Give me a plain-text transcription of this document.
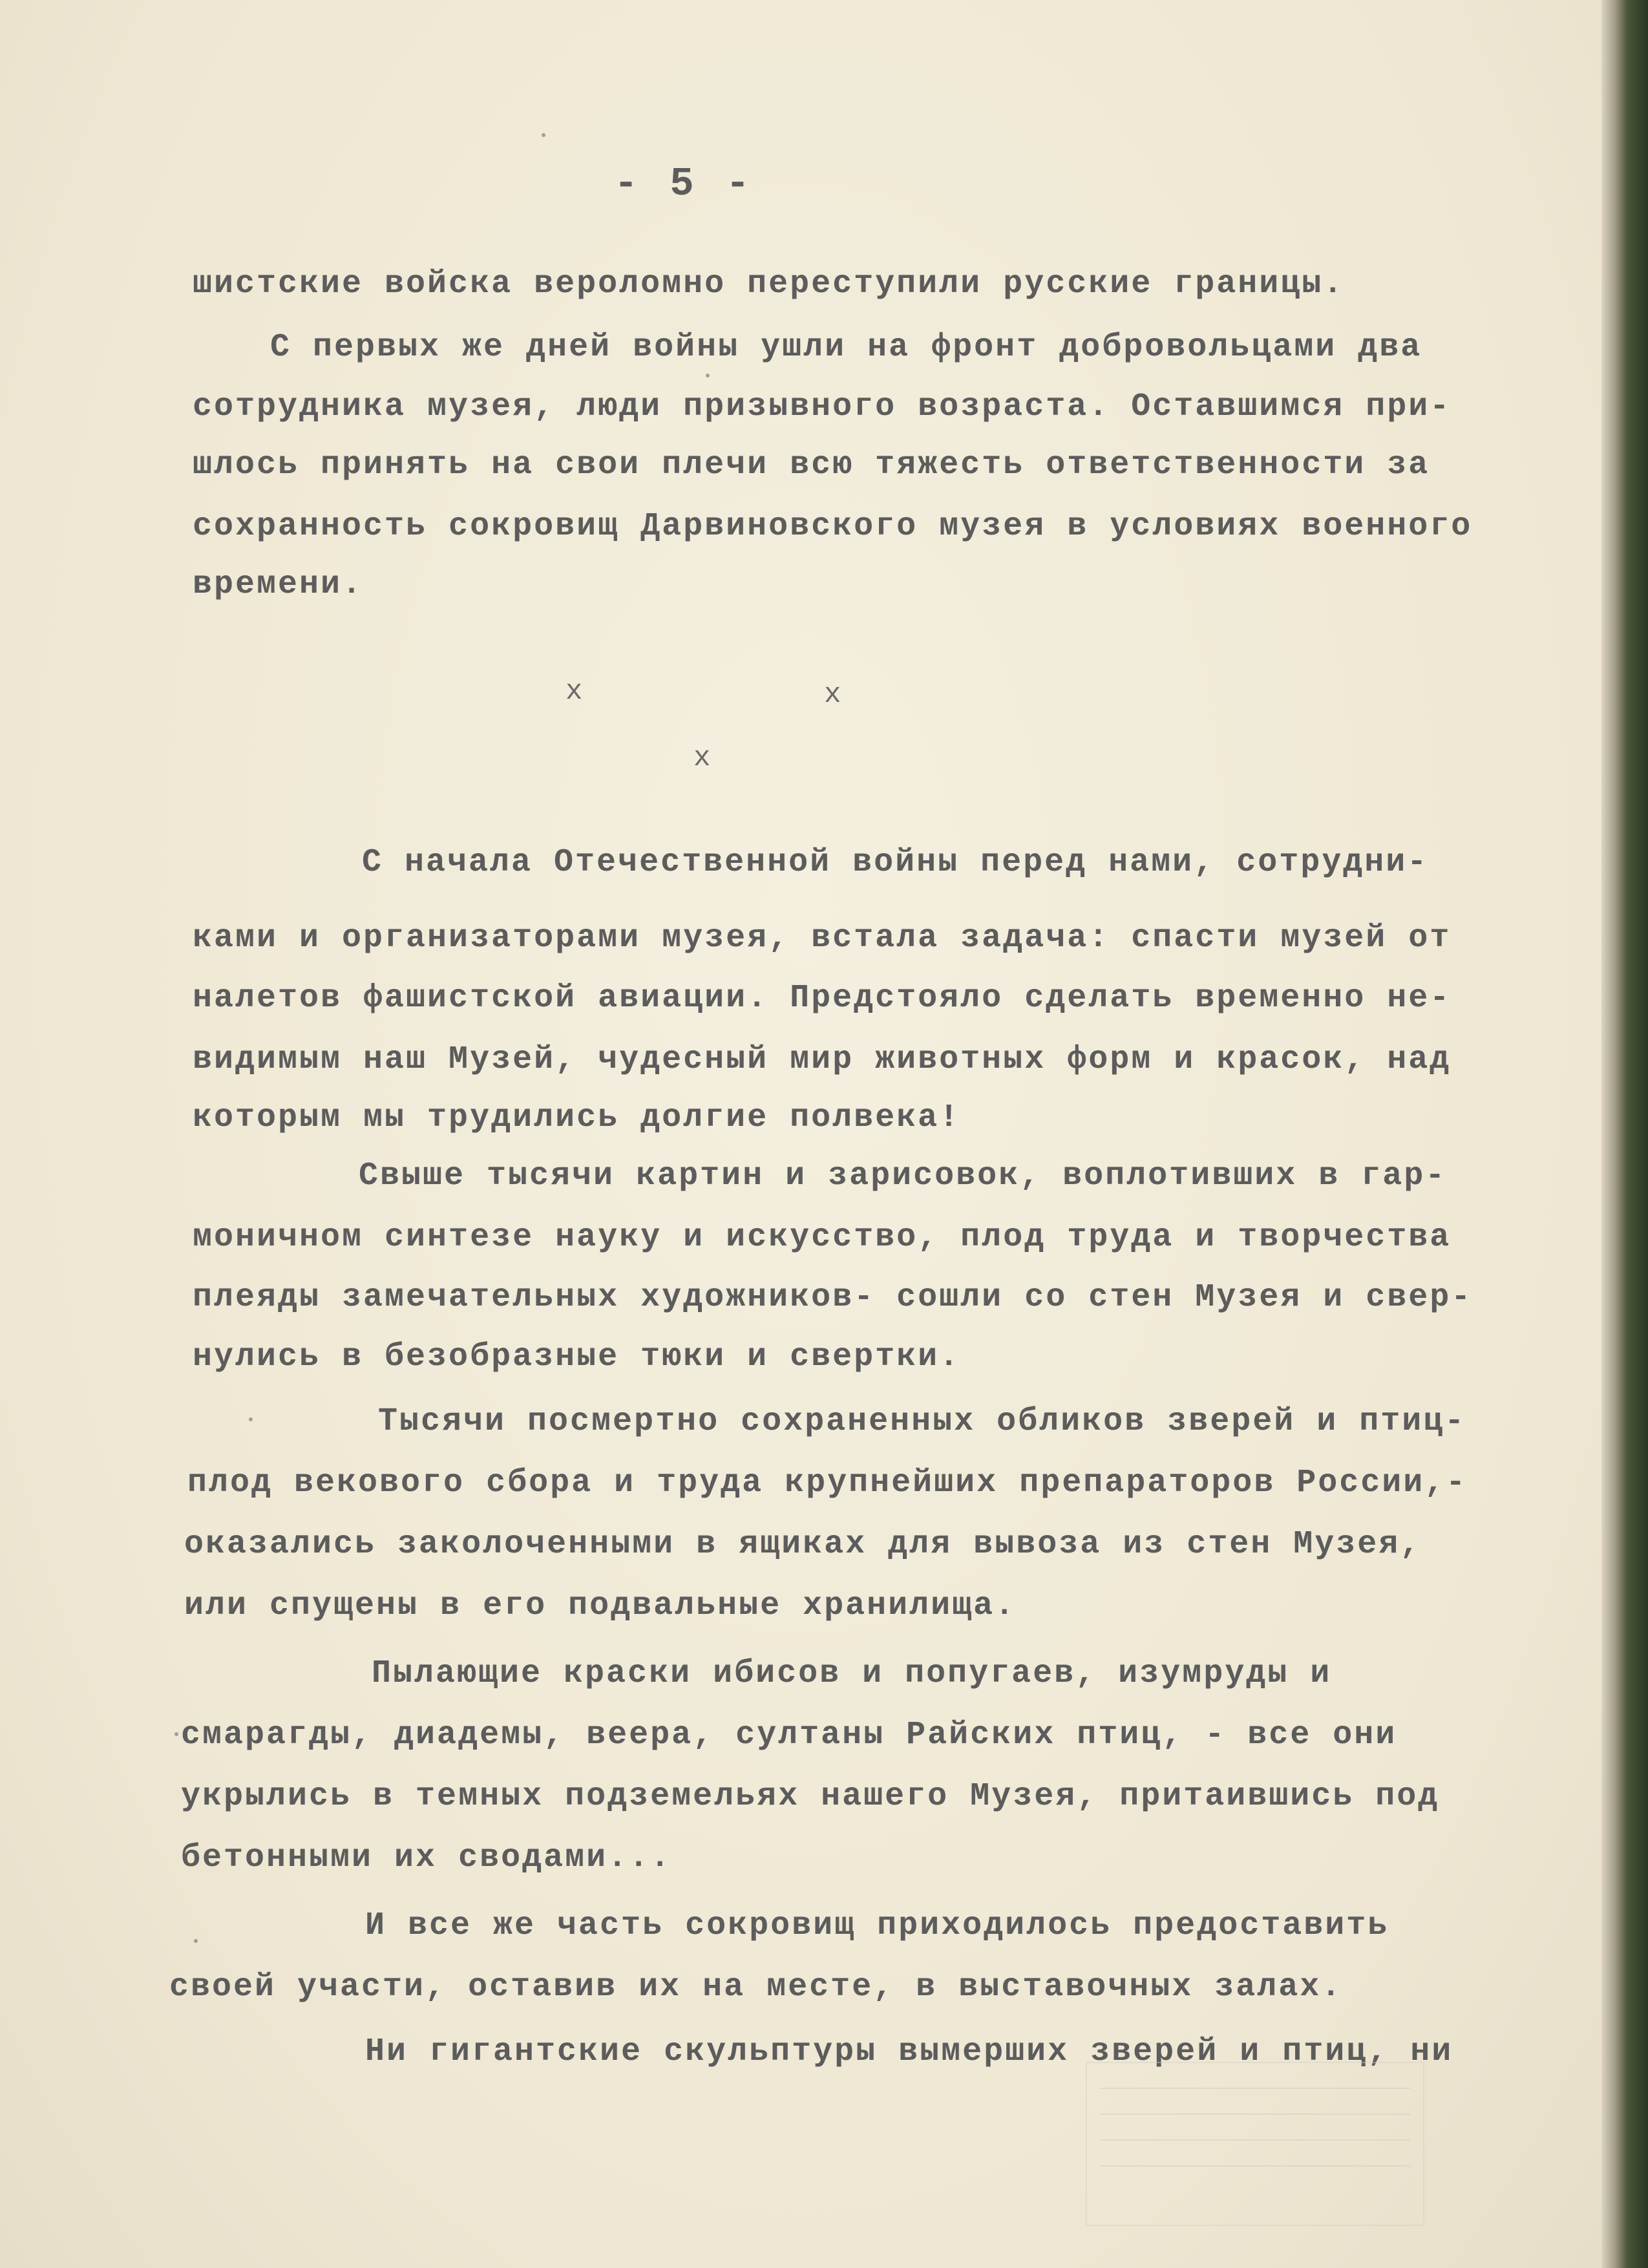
- 5 -
шистские войска вероломно переступили русские границы.
С первых же дней войны ушли на фронт добровольцами два
сотрудника музея, люди призывного возраста. Оставшимся при-
шлось принять на свои плечи всю тяжесть ответственности за
сохранность сокровищ Дарвиновского музея в условиях военного
времени.
x	x
x
С начала Отечественной войны перед нами, сотрудни-
ками и организаторами музея, встала задача: спасти музей от
налетов фашистской авиации. Предстояло сделать временно не-
видимым наш Музей, чудесный мир животных форм и красок, над
которым мы трудились долгие полвека!
Свыше тысячи картин и зарисовок, воплотивших в гар-
моничном синтезе науку и искусство, плод труда и творчества
плеяды замечательных художников- сошли со стен Музея и свер-
нулись в безобразные тюки и свертки.
Тысячи посмертно сохраненных обликов зверей и птиц-
плод векового сбора и труда крупнейших препараторов России,-
оказались заколоченными в ящиках для вывоза из стен Музея,
или спущены в его подвальные хранилища.
Пылающие краски ибисов и попугаев, изумруды и
смарагды, диадемы, веера, султаны Райских птиц, - все они
укрылись в темных подземельях нашего Музея, притаившись под
бетонными их сводами...
И все же часть сокровищ приходилось предоставить
своей участи, оставив их на месте, в выставочных залах.
Ни гигантские скульптуры вымерших зверей и птиц, ни
